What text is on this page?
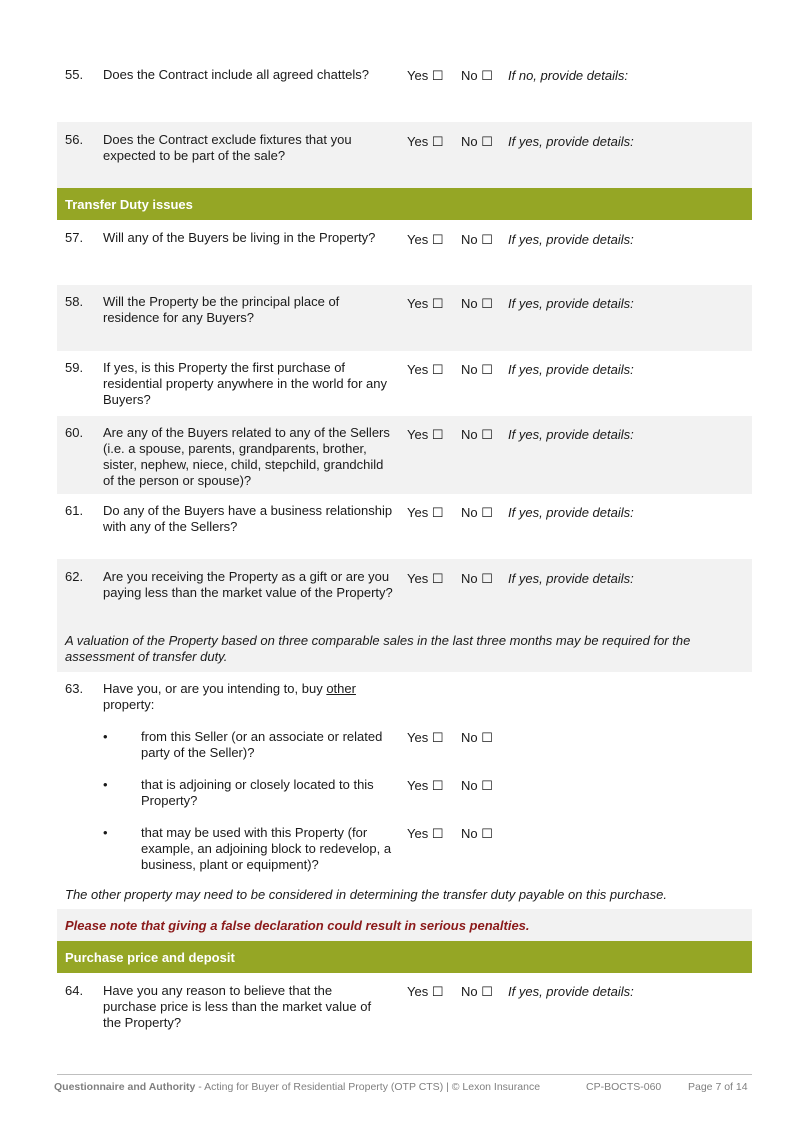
55. Does the Contract include all agreed chattels?	Yes ☐ No ☐ If no, provide details:
56. Does the Contract exclude fixtures that you expected to be part of the sale?
Yes ☐ No ☐ If yes, provide details:
Transfer Duty issues
57. Will any of the Buyers be living in the Property?	Yes ☐ No ☐ If yes, provide details:
58. Will the Property be the principal place of residence for any Buyers?
Yes ☐ No ☐ If yes, provide details:
59. If yes, is this Property the first purchase of residential property anywhere in the world for any Buyers?
Yes ☐ No ☐ If yes, provide details:
60. Are any of the Buyers related to any of the Sellers (i.e. a spouse, parents, grandparents, brother, sister, nephew, niece, child, stepchild, grandchild of the person or spouse)?
Yes ☐ No ☐ If yes, provide details:
61. Do any of the Buyers have a business relationship with any of the Sellers?
Yes ☐ No ☐ If yes, provide details:
62. Are you receiving the Property as a gift or are you paying less than the market value of the Property?
Yes ☐ No ☐ If yes, provide details:
A valuation of the Property based on three comparable sales in the last three months may be required for the assessment of transfer duty.
63. Have you, or are you intending to, buy other property:
•	from this Seller (or an associate or related party of the Seller)?
Yes ☐ No ☐
•	that is adjoining or closely located to this Property?
Yes ☐ No ☐
•	that may be used with this Property (for example, an adjoining block to redevelop, a business, plant or equipment)?
Yes ☐ No ☐
The other property may need to be considered in determining the transfer duty payable on this purchase.
Please note that giving a false declaration could result in serious penalties.
Purchase price and deposit
64. Have you any reason to believe that the purchase price is less than the market value of the Property?
Yes ☐ No ☐ If yes, provide details:
Questionnaire and Authority - Acting for Buyer of Residential Property (OTP CTS) | © Lexon Insurance	CP-BOCTS-060	Page 7 of 14
